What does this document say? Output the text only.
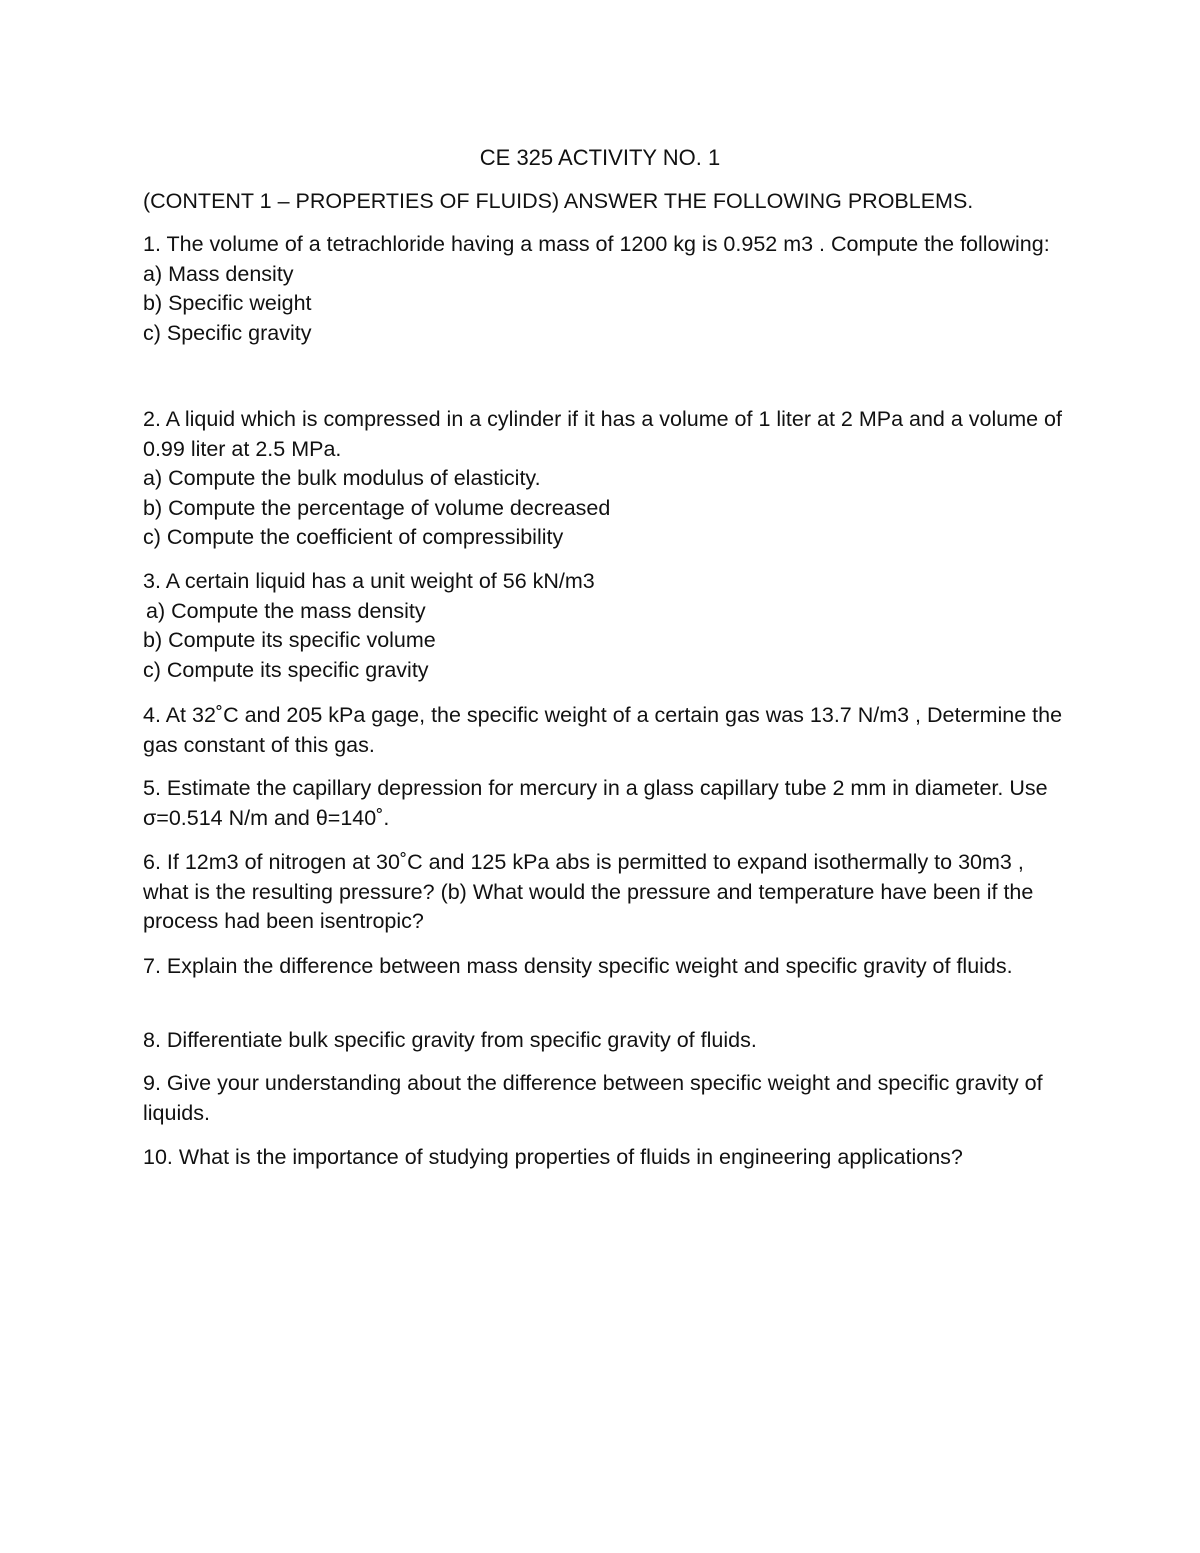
CE 325 ACTIVITY NO. 1

(CONTENT 1 – PROPERTIES OF FLUIDS) ANSWER THE FOLLOWING PROBLEMS.

1. The volume of a tetrachloride having a mass of 1200 kg is 0.952 m3 . Compute the following:
a) Mass density
b) Specific weight
c) Specific gravity
2. A liquid which is compressed in a cylinder if it has a volume of 1 liter at 2 MPa and a volume of 0.99 liter at 2.5 MPa.
a) Compute the bulk modulus of elasticity.
b) Compute the percentage of volume decreased
c) Compute the coefficient of compressibility
3. A certain liquid has a unit weight of 56 kN/m3
a) Compute the mass density
b) Compute its specific volume
c) Compute its specific gravity
4. At 32˚C and 205 kPa gage, the specific weight of a certain gas was 13.7 N/m3 , Determine the gas constant of this gas.
5. Estimate the capillary depression for mercury in a glass capillary tube 2 mm in diameter. Use σ=0.514 N/m and θ=140˚.
6. If 12m3 of nitrogen at 30˚C and 125 kPa abs is permitted to expand isothermally to 30m3 , what is the resulting pressure? (b) What would the pressure and temperature have been if the process had been isentropic?
7. Explain the difference between mass density specific weight and specific gravity of fluids.
8. Differentiate bulk specific gravity from specific gravity of fluids.
9. Give your understanding about the difference between specific weight and specific gravity of liquids.
10. What is the importance of studying properties of fluids in engineering applications?
